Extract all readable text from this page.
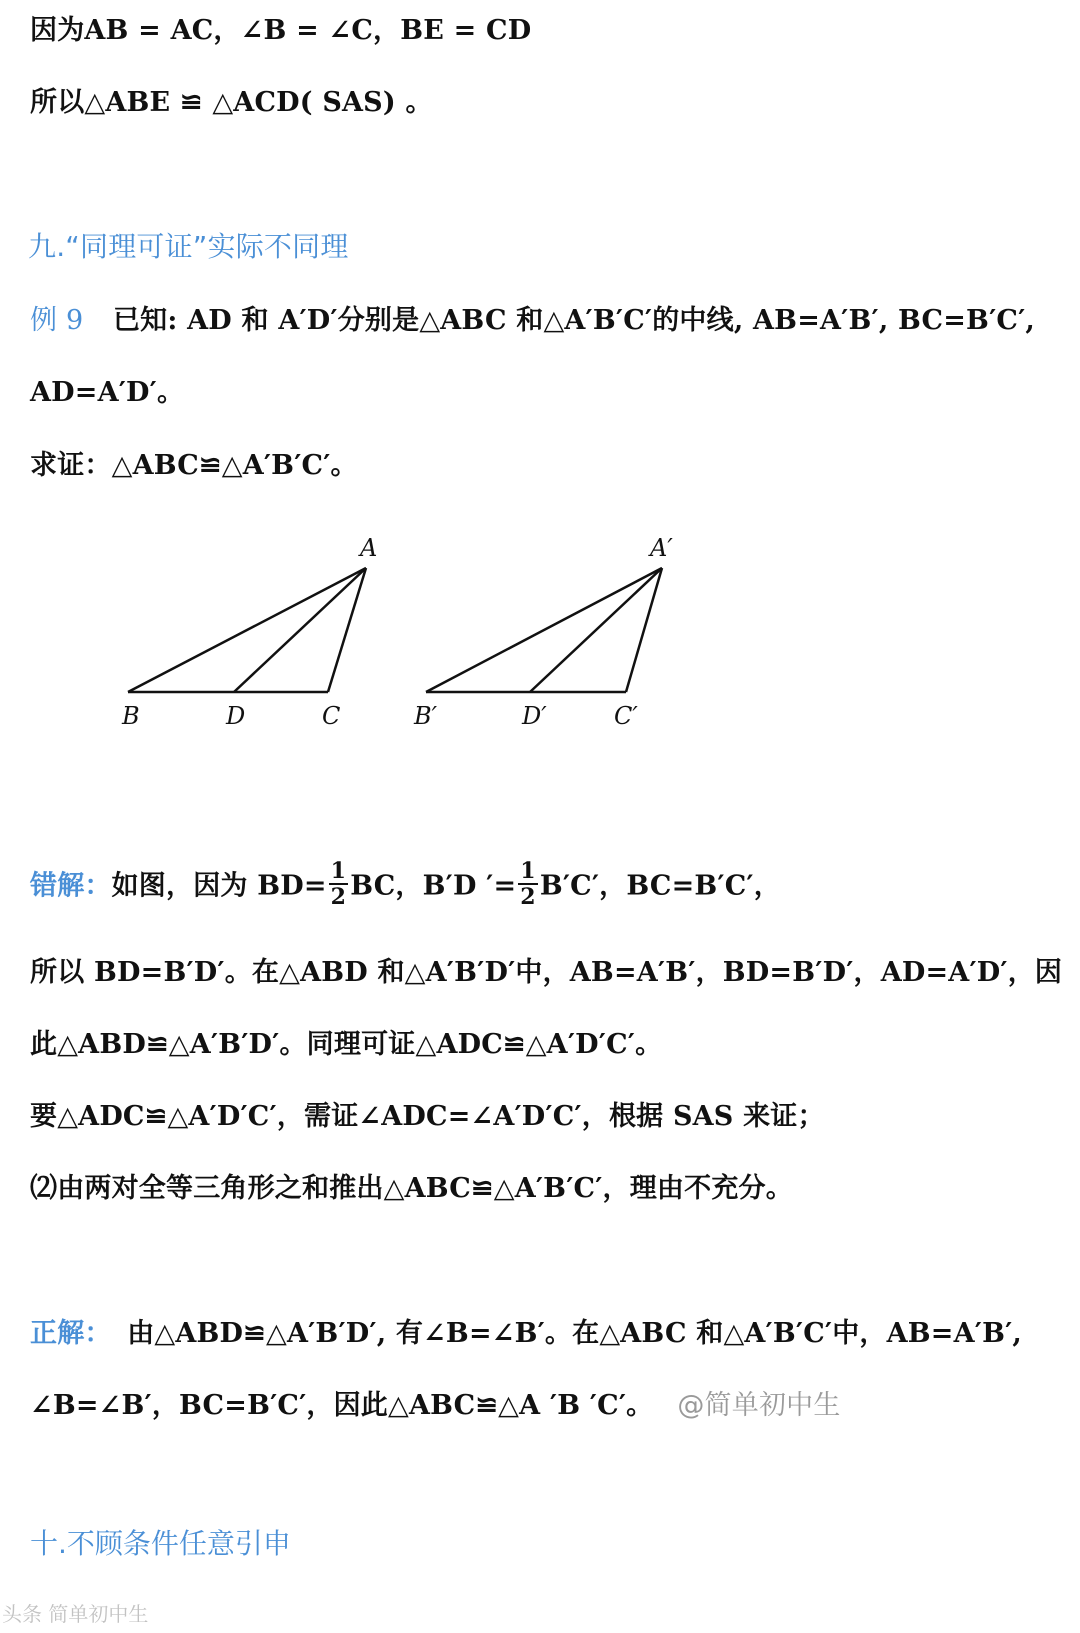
因为AB = AC，∠B = ∠C，BE = CD
所以△ABE ≌ △ACD( SAS) 。
九.“同理可证”实际不同理
例 9 已知: AD 和 A′D′分别是△ABC 和△A′B′C′的中线, AB=A′B′, BC=B′C′,
AD=A′D′。
求证：△ABC≌△A′B′C′。
A
B	D	C
A′
B′	D′	C′
错解：如图，因为 $BD= \frac{1}{2}$ BC，B′D ′= $\frac{1}{2} B'C'$，BC=B′C′，
所以 BD=B′D′。在△ABD 和△A′B′D′中，AB=A′B′，BD=B′D′，AD=A′D′，因
此△ABD≌△A′B′D′。同理可证△ADC≌△A′D′C′。
要△ADC≌△A′D′C′，需证∠ADC=∠A′D′C′，根据 SAS 来证；
⑵由两对全等三角形之和推出△ABC≌△A′B′C′，理由不充分。
正解： 由△ABD≌△A′B′D′, 有∠B=∠B′。在△ABC 和△A′B′C′中，AB=A′B′,
∠B=∠B′，BC=B′C′，因此△ABC≌△A ′B ′C′。 @简单初中生
十.不顾条件任意引申
头条 简单初中生
